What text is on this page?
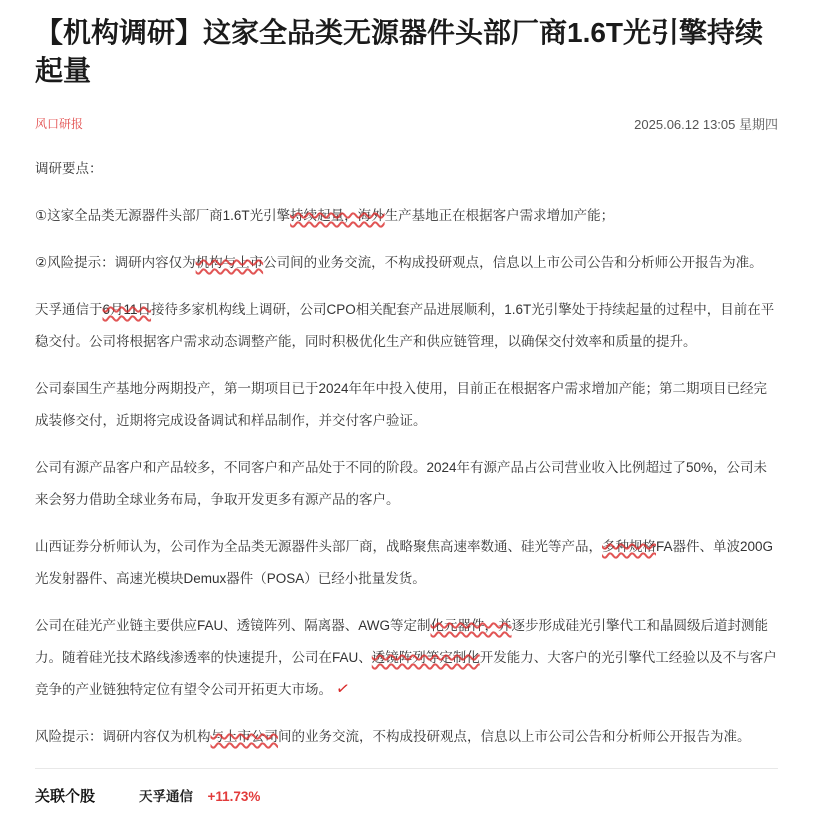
【机构调研】这家全品类无源器件头部厂商1.6T光引擎持续起量
风口研报	2025.06.12 13:05 星期四

调研要点：

①这家全品类无源器件头部厂商1.6T光引擎持续起量，海外生产基地正在根据客户需求增加产能；

②风险提示：调研内容仅为机构与上市公司间的业务交流，不构成投研观点，信息以上市公司公告和分析师公开报告为准。

天孚通信于6月11日接待多家机构线上调研，公司CPO相关配套产品进展顺利，1.6T光引擎处于持续起量的过程中，目前在平稳交付。公司将根据客户需求动态调整产能，同时积极优化生产和供应链管理，以确保交付效率和质量的提升。

公司泰国生产基地分两期投产，第一期项目已于2024年年中投入使用，目前正在根据客户需求增加产能；第二期项目已经完成装修交付，近期将完成设备调试和样品制作，并交付客户验证。

公司有源产品客户和产品较多，不同客户和产品处于不同的阶段。2024年有源产品占公司营业收入比例超过了50%，公司未来会努力借助全球业务布局，争取开发更多有源产品的客户。

山西证券分析师认为，公司作为全品类无源器件头部厂商，战略聚焦高速率数通、硅光等产品，多种规格FA器件、单波200G光发射器件、高速光模块Demux器件（POSA）已经小批量发货。

公司在硅光产业链主要供应FAU、透镜阵列、隔离器、AWG等定制化元器件，并逐步形成硅光引擎代工和晶圆级后道封测能力。随着硅光技术路线渗透率的快速提升，公司在FAU、透镜阵列等定制化开发能力、大客户的光引擎代工经验以及不与客户竞争的产业链独特定位有望令公司开拓更大市场。 ✓

风险提示：调研内容仅为机构与上市公司间的业务交流，不构成投研观点，信息以上市公司公告和分析师公开报告为准。

关联个股	天孚通信 +11.73%
